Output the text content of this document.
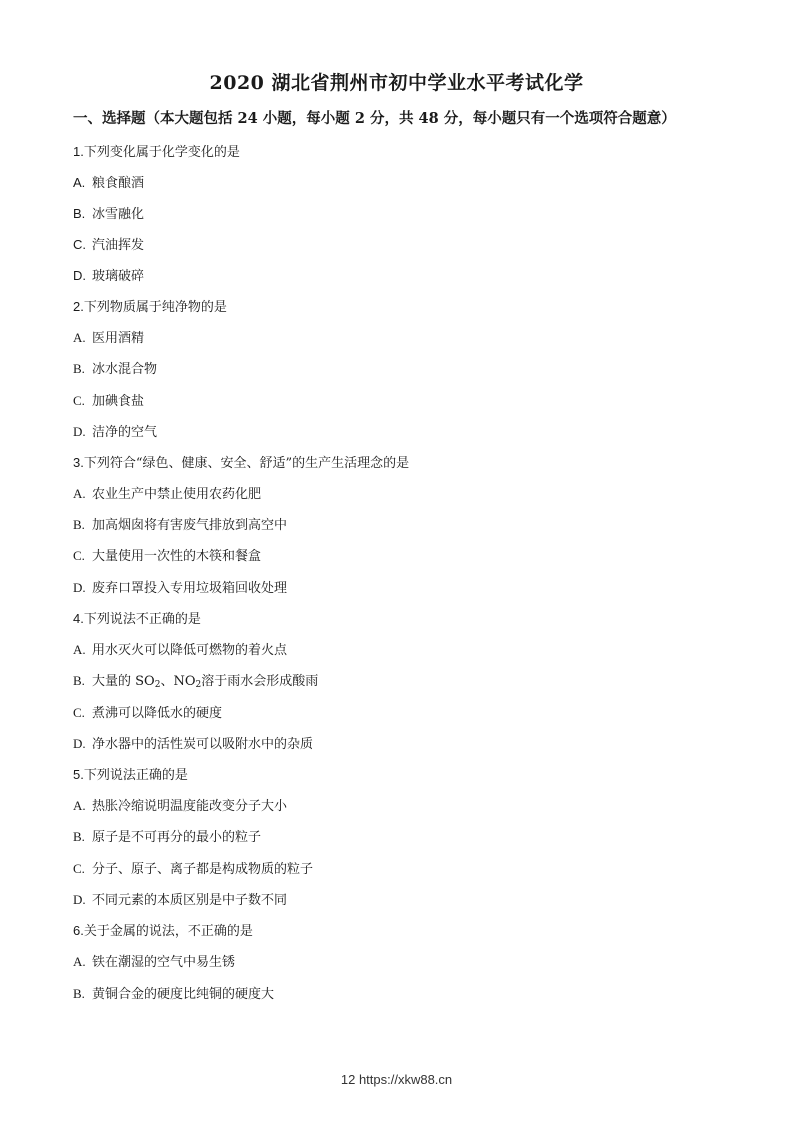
2020 湖北省荆州市初中学业水平考试化学
一、选择题（本大题包括 24 小题，每小题 2 分，共 48 分，每小题只有一个选项符合题意）
1.下列变化属于化学变化的是
A. 粮食酿酒
B. 冰雪融化
C. 汽油挥发
D. 玻璃破碎
2.下列物质属于纯净物的是
A. 医用酒精
B. 冰水混合物
C. 加碘食盐
D. 洁净的空气
3.下列符合“绿色、健康、安全、舒适”的生产生活理念的是
A. 农业生产中禁止使用农药化肥
B. 加高烟囱将有害废气排放到高空中
C. 大量使用一次性的木筷和餐盒
D. 废弃口罩投入专用垃圾箱回收处理
4.下列说法不正确的是
A. 用水灭火可以降低可燃物的着火点
B. 大量的 $SO_2$、$NO_2$溶于雨水会形成酸雨
C. 煮沸可以降低水的硬度
D. 净水器中的活性炭可以吸附水中的杂质
5.下列说法正确的是
A. 热胀冷缩说明温度能改变分子大小
B. 原子是不可再分的最小的粒子
C. 分子、原子、离子都是构成物质的粒子
D. 不同元素的本质区别是中子数不同
6.关于金属的说法，不正确的是
A. 铁在潮湿的空气中易生锈
B. 黄铜合金的硬度比纯铜的硬度大
12 https://xkw88.cn
